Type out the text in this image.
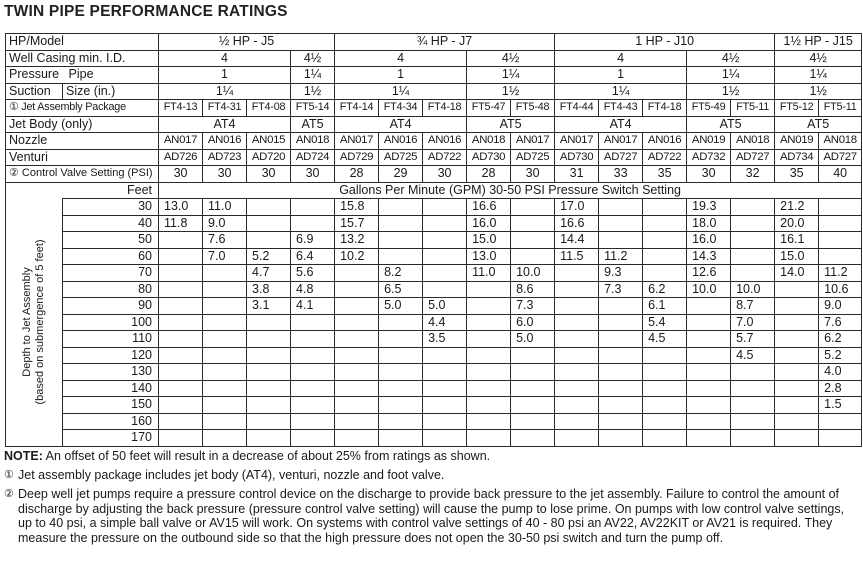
TWIN PIPE PERFORMANCE RATINGS
HP/Model		½ HP - J5				¾ HP - J7					1 HP - J10					1½ HP - J15	
Well Casing min. I.D.		4			4½	4			4½		4			4½		4½	
Pressure	Pipe	1			1¼	1			1¼		1			1¼		1¼	
Suction	Size (in.)	1¼			1½	1¼			1½		1¼			1½		1½	
① Jet Assembly Package		FT4-13	FT4-31	FT4-08	FT5-14	FT4-14	FT4-34	FT4-18	FT5-47	FT5-48	FT4-44	FT4-43	FT4-18	FT5-49	FT5-11	FT5-12	FT5-11
Jet Body (only)		AT4			AT5	AT4			AT5		AT4			AT5		AT5	
Nozzle		AN017	AN016	AN015	AN018	AN017	AN016	AN016	AN018	AN017	AN017	AN017	AN016	AN019	AN018	AN019	AN018
Venturi		AD726	AD723	AD720	AD724	AD729	AD725	AD722	AD730	AD725	AD730	AD727	AD722	AD732	AD727	AD734	AD727
② Control Valve Setting (PSI)		30	30	30	30	28	29	30	28	30	31	33	35	30	32	35	40
	Feet	Gallons Per Minute (GPM) 30-50 PSI Pressure Switch Setting															

Depth to Jet Assembly (based on submergence of 5 feet)	30	13.0	11.0			15.8			16.6		17.0			19.3		21.2	
	40	11.8	9.0			15.7			16.0		16.6			18.0		20.0	
	50		7.6		6.9	13.2			15.0		14.4			16.0		16.1	
	60		7.0	5.2	6.4	10.2			13.0		11.5	11.2		14.3		15.0	
	70			4.7	5.6		8.2		11.0	10.0		9.3		12.6		14.0	11.2
	80			3.8	4.8		6.5			8.6		7.3	6.2	10.0	10.0		10.6
	90			3.1	4.1		5.0	5.0		7.3			6.1		8.7		9.0
	100							4.4		6.0			5.4		7.0		7.6
	110							3.5		5.0			4.5		5.7		6.2
	120														4.5		5.2
	130																4.0
	140																2.8
	150																1.5
	160																
	170																
NOTE: An offset of 50 feet will result in a decrease of about 25% from ratings as shown.
① Jet assembly package includes jet body (AT4), venturi, nozzle and foot valve.
② Deep well jet pumps require a pressure control device on the discharge to provide back pressure to the jet assembly. Failure to control the amount of discharge by adjusting the back pressure (pressure control valve setting) will cause the pump to lose prime. On pumps with low control valve settings, up to 40 psi, a simple ball valve or AV15 will work. On systems with control valve settings of 40 - 80 psi an AV22, AV22KIT or AV21 is required. They measure the pressure on the outbound side so that the high pressure does not open the 30-50 psi switch and turn the pump off.
